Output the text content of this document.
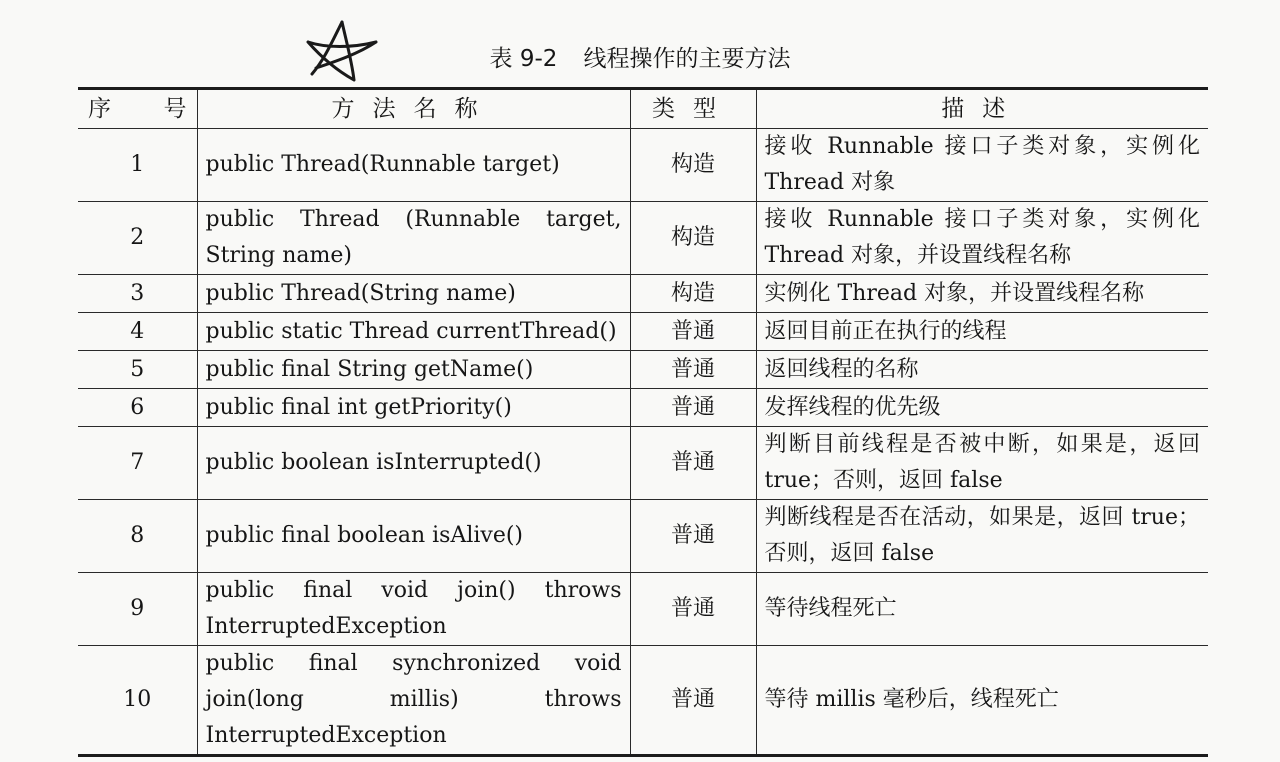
表 9-2 线程操作的主要方法
序号	方法名称	类型	描述
1	public Thread(Runnable target)	构造	接收 Runnable 接口子类对象，实例化 Thread 对象
2	public Thread (Runnable target, String name)	构造	接收 Runnable 接口子类对象，实例化 Thread 对象，并设置线程名称
3	public Thread(String name)	构造	实例化 Thread 对象，并设置线程名称
4	public static Thread currentThread()	普通	返回目前正在执行的线程
5	public final String getName()	普通	返回线程的名称
6	public final int getPriority()	普通	发挥线程的优先级
7	public boolean isInterrupted()	普通	判断目前线程是否被中断，如果是，返回 true；否则，返回 false
8	public final boolean isAlive()	普通	判断线程是否在活动，如果是，返回 true；否则，返回 false
9	public final void join() throws InterruptedException	普通	等待线程死亡
10	public final synchronized void join(long millis) throws InterruptedException	普通	等待 millis 毫秒后，线程死亡
